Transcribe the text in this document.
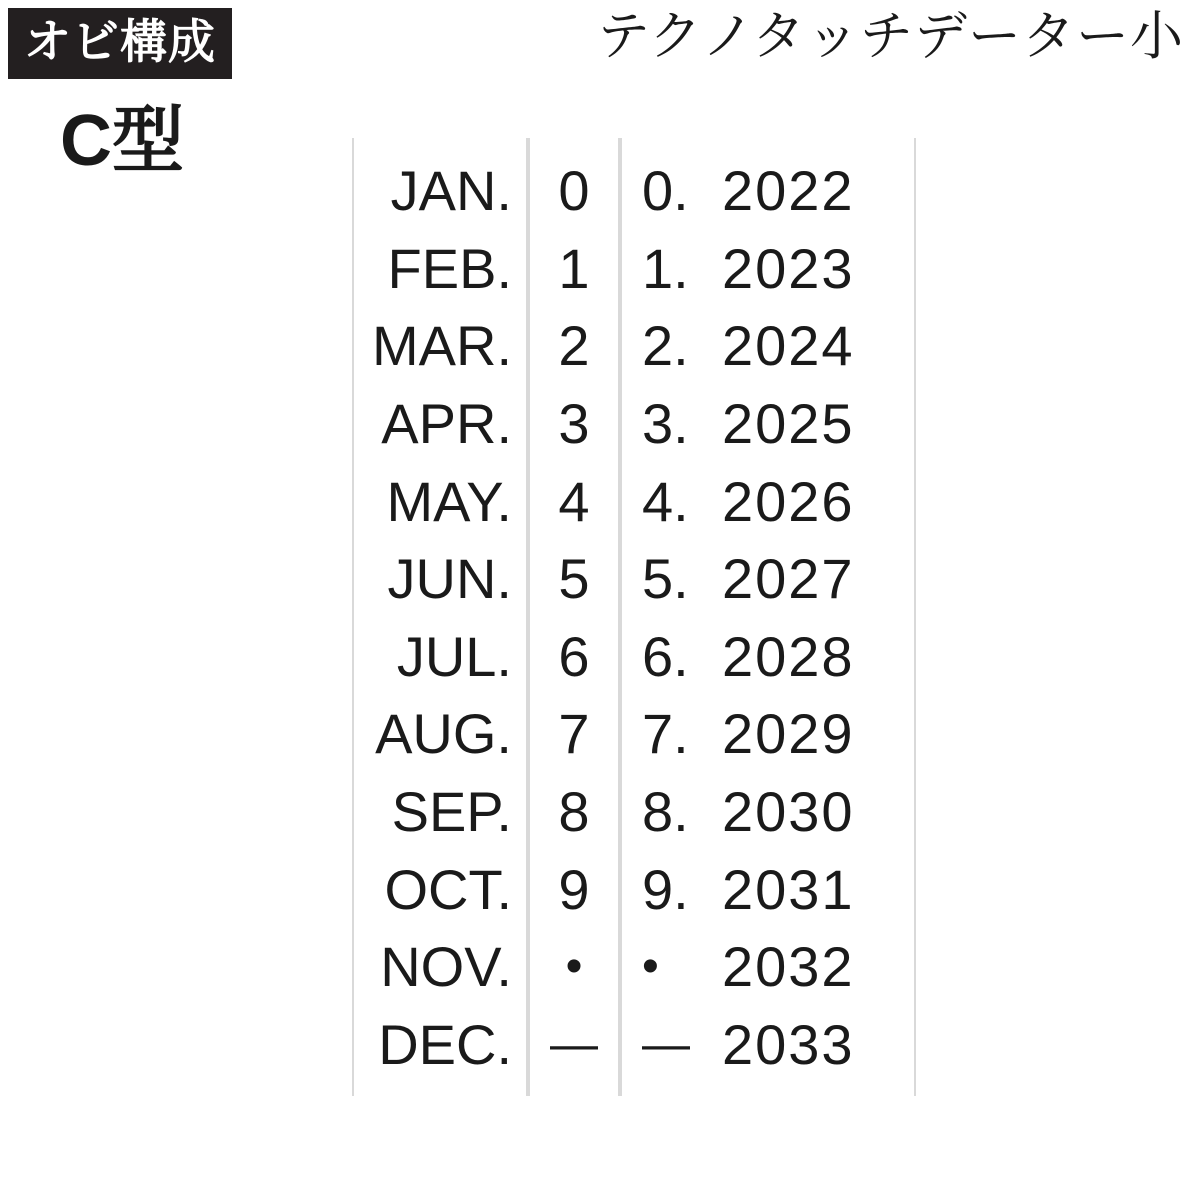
オビ構成
C型
テクノタッチデーター小
JAN.
FEB.
MAR.
APR.
MAY.
JUN.
JUL.
AUG.
SEP.
OCT.
NOV.
DEC.
0
1
2
3
4
5
6
7
8
9
•
—
0.
1.
2.
3.
4.
5.
6.
7.
8.
9.
•
—
2022
2023
2024
2025
2026
2027
2028
2029
2030
2031
2032
2033
